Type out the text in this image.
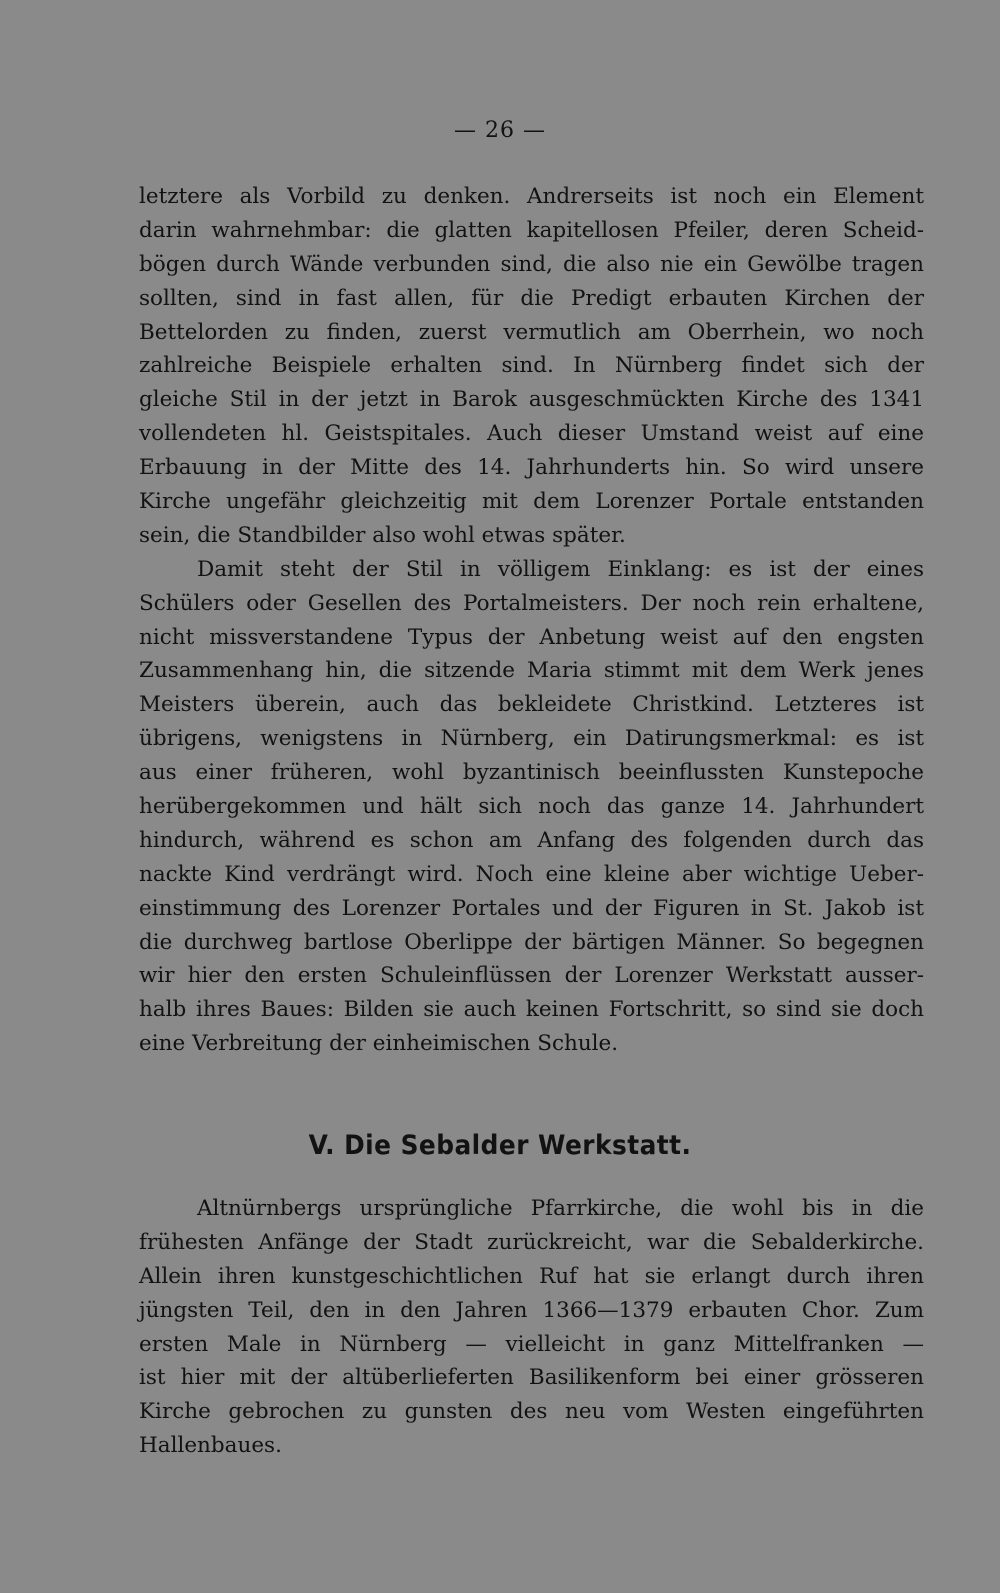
— 26 —
letztere als Vorbild zu denken. Andrerseits ist noch ein Element
darin wahrnehmbar: die glatten kapitellosen Pfeiler, deren Scheid-
bögen durch Wände verbunden sind, die also nie ein Gewölbe tragen
sollten, sind in fast allen, für die Predigt erbauten Kirchen der
Bettelorden zu finden, zuerst vermutlich am Oberrhein, wo noch
zahlreiche Beispiele erhalten sind. In Nürnberg findet sich der
gleiche Stil in der jetzt in Barok ausgeschmückten Kirche des 1341
vollendeten hl. Geistspitales. Auch dieser Umstand weist auf eine
Erbauung in der Mitte des 14. Jahrhunderts hin. So wird unsere
Kirche ungefähr gleichzeitig mit dem Lorenzer Portale entstanden
sein, die Standbilder also wohl etwas später.
Damit steht der Stil in völligem Einklang: es ist der eines
Schülers oder Gesellen des Portalmeisters. Der noch rein erhaltene,
nicht missverstandene Typus der Anbetung weist auf den engsten
Zusammenhang hin, die sitzende Maria stimmt mit dem Werk jenes
Meisters überein, auch das bekleidete Christkind. Letzteres ist
übrigens, wenigstens in Nürnberg, ein Datirungsmerkmal: es ist
aus einer früheren, wohl byzantinisch beeinflussten Kunstepoche
herübergekommen und hält sich noch das ganze 14. Jahrhundert
hindurch, während es schon am Anfang des folgenden durch das
nackte Kind verdrängt wird. Noch eine kleine aber wichtige Ueber-
einstimmung des Lorenzer Portales und der Figuren in St. Jakob ist
die durchweg bartlose Oberlippe der bärtigen Männer. So begegnen
wir hier den ersten Schuleinflüssen der Lorenzer Werkstatt ausser-
halb ihres Baues: Bilden sie auch keinen Fortschritt, so sind sie doch
eine Verbreitung der einheimischen Schule.
V. Die Sebalder Werkstatt.
Altnürnbergs ursprüngliche Pfarrkirche, die wohl bis in die
frühesten Anfänge der Stadt zurückreicht, war die Sebalderkirche.
Allein ihren kunstgeschichtlichen Ruf hat sie erlangt durch ihren
jüngsten Teil, den in den Jahren 1366—1379 erbauten Chor. Zum
ersten Male in Nürnberg — vielleicht in ganz Mittelfranken —
ist hier mit der altüberlieferten Basilikenform bei einer grösseren
Kirche gebrochen zu gunsten des neu vom Westen eingeführten
Hallenbaues.
